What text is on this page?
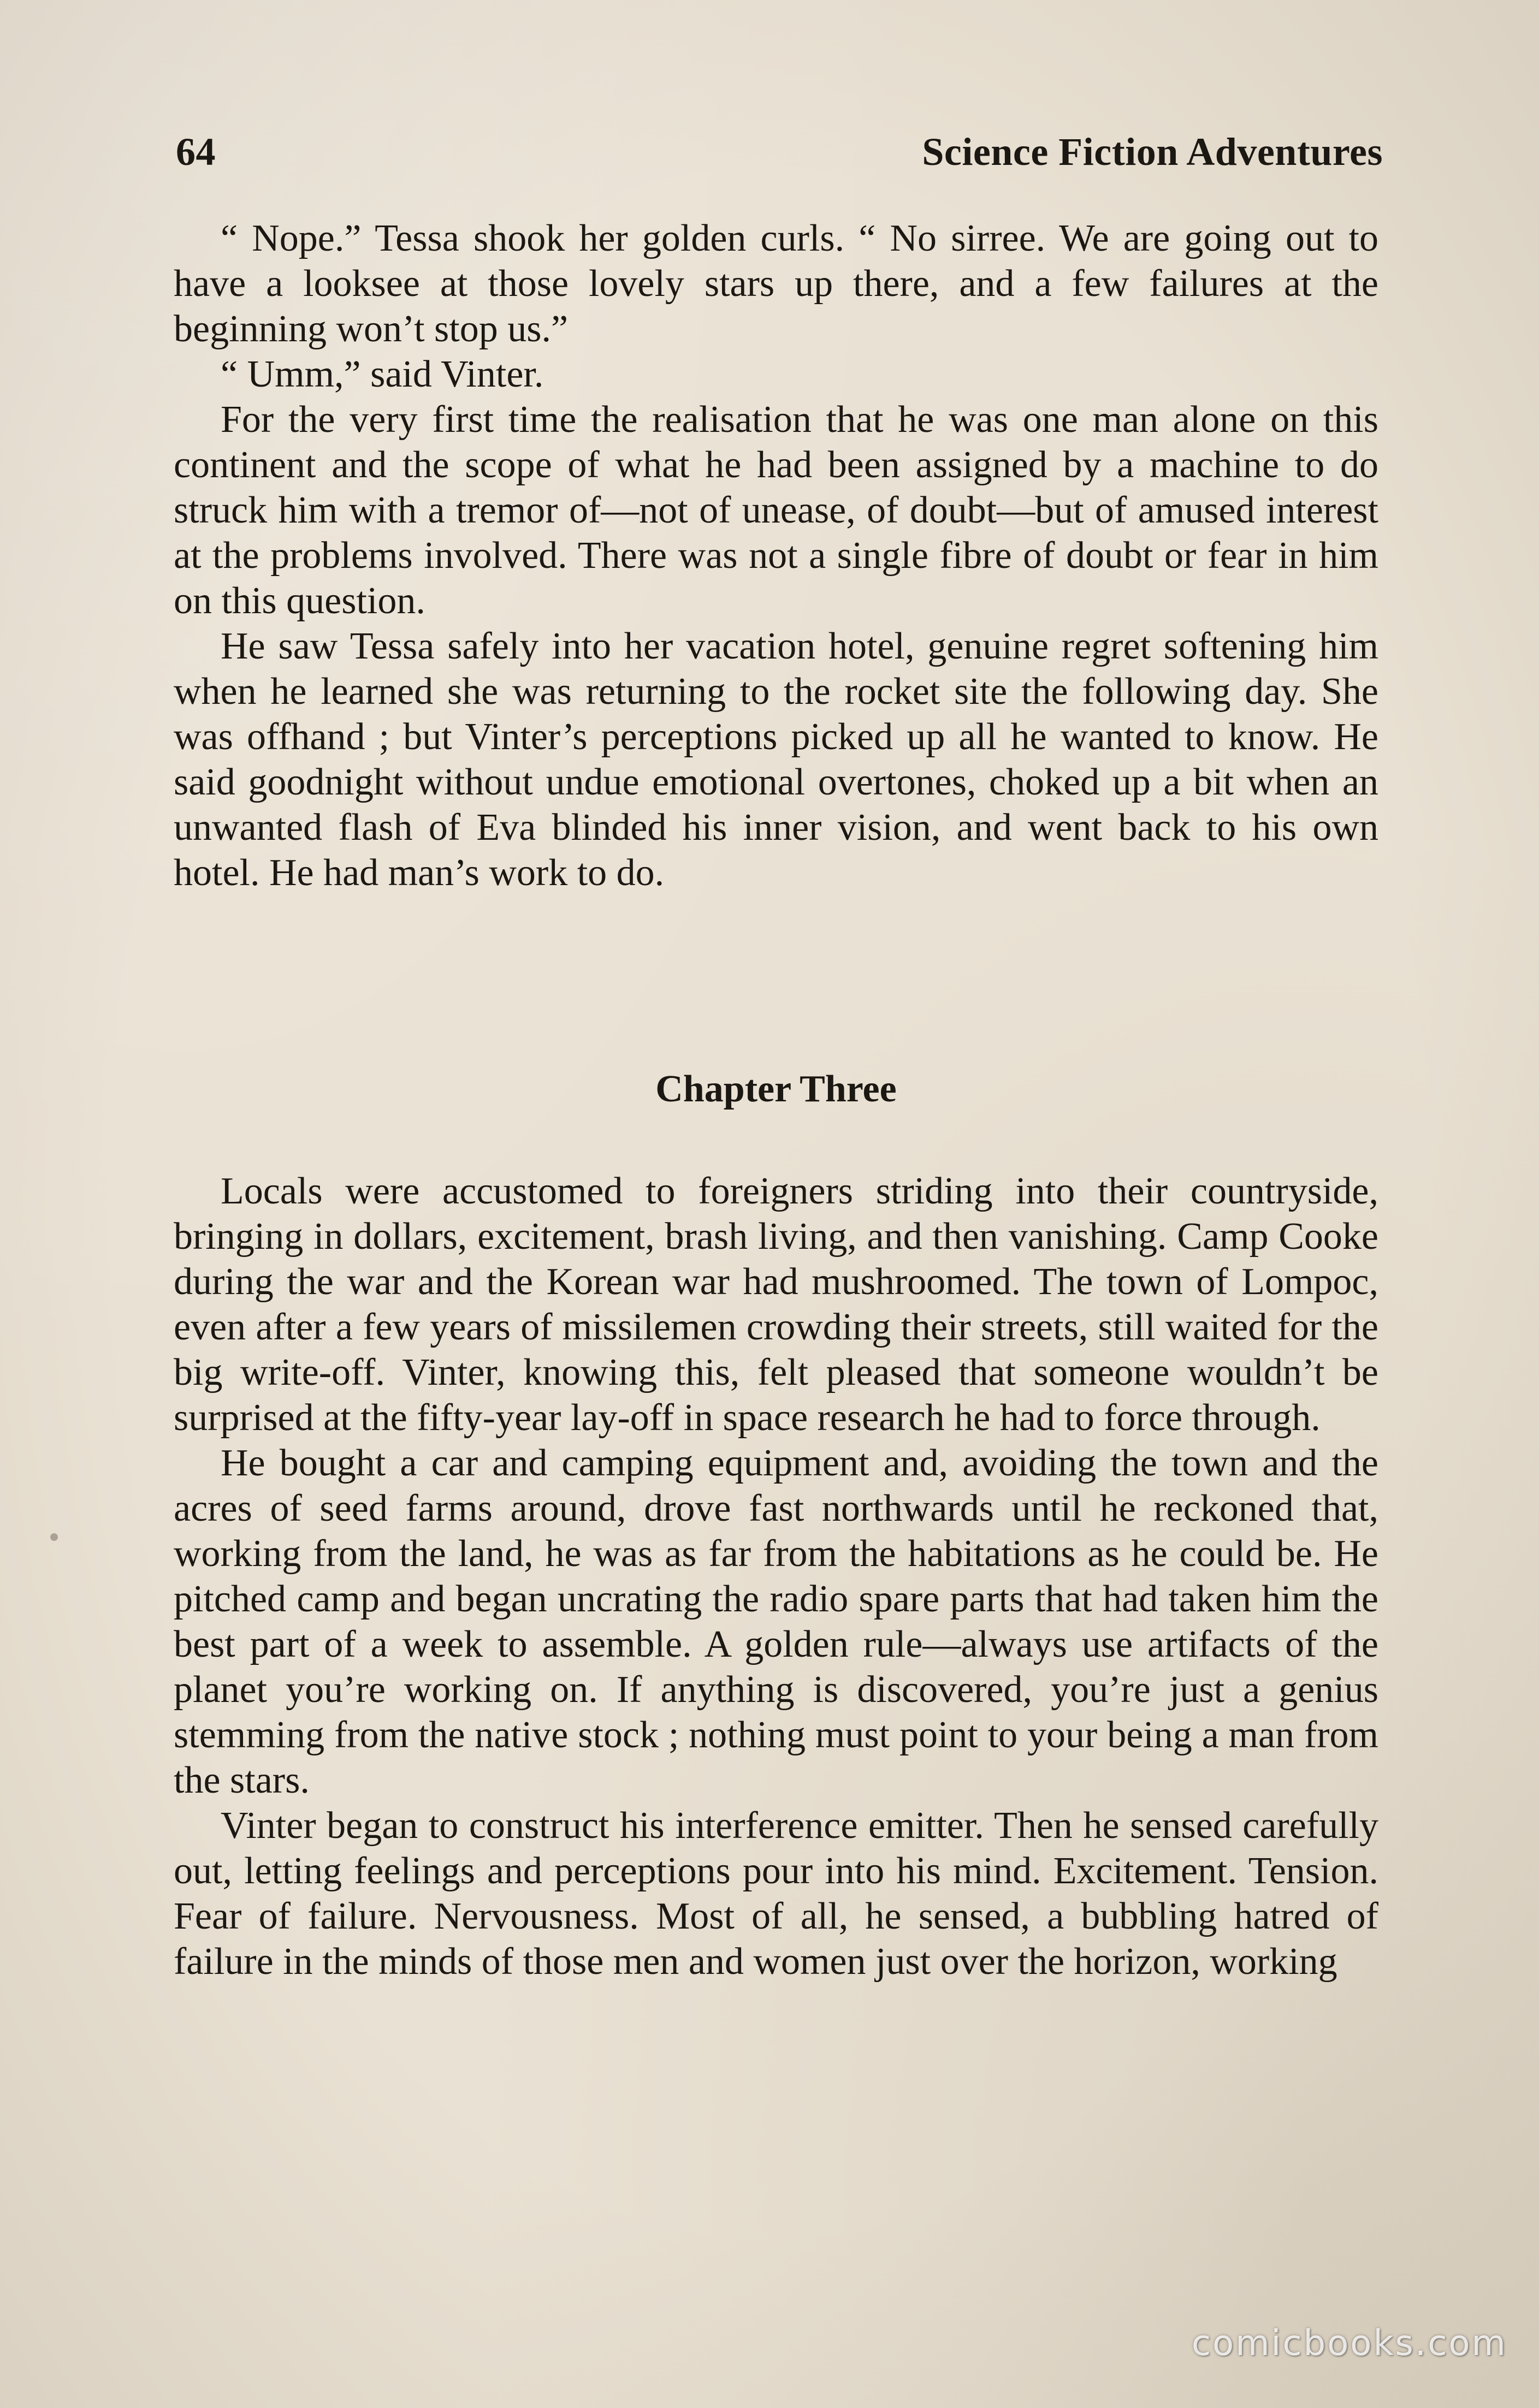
64	Science Fiction Adventures

“ Nope.” Tessa shook her golden curls. “ No sirree. We are going out to have a looksee at those lovely stars up there, and a few failures at the beginning won’t stop us.”

“ Umm,” said Vinter.

For the very first time the realisation that he was one man alone on this continent and the scope of what he had been assigned by a machine to do struck him with a tremor of—not of unease, of doubt—but of amused interest at the problems involved. There was not a single fibre of doubt or fear in him on this question.

He saw Tessa safely into her vacation hotel, genuine regret softening him when he learned she was returning to the rocket site the following day. She was offhand ; but Vinter’s perceptions picked up all he wanted to know. He said goodnight without undue emotional overtones, choked up a bit when an unwanted flash of Eva blinded his inner vision, and went back to his own hotel. He had man’s work to do.

Chapter Three

Locals were accustomed to foreigners striding into their countryside, bringing in dollars, excitement, brash living, and then vanishing. Camp Cooke during the war and the Korean war had mushroomed. The town of Lompoc, even after a few years of missilemen crowding their streets, still waited for the big write-off. Vinter, knowing this, felt pleased that someone wouldn’t be surprised at the fifty-year lay-off in space research he had to force through.

He bought a car and camping equipment and, avoiding the town and the acres of seed farms around, drove fast northwards until he reckoned that, working from the land, he was as far from the habitations as he could be. He pitched camp and began uncrating the radio spare parts that had taken him the best part of a week to assemble. A golden rule—always use artifacts of the planet you’re working on. If anything is discovered, you’re just a genius stemming from the native stock ; nothing must point to your being a man from the stars.

Vinter began to construct his interference emitter. Then he sensed carefully out, letting feelings and perceptions pour into his mind. Excitement. Tension. Fear of failure. Nervousness. Most of all, he sensed, a bubbling hatred of failure in the minds of those men and women just over the horizon, working

comicbooks.com
